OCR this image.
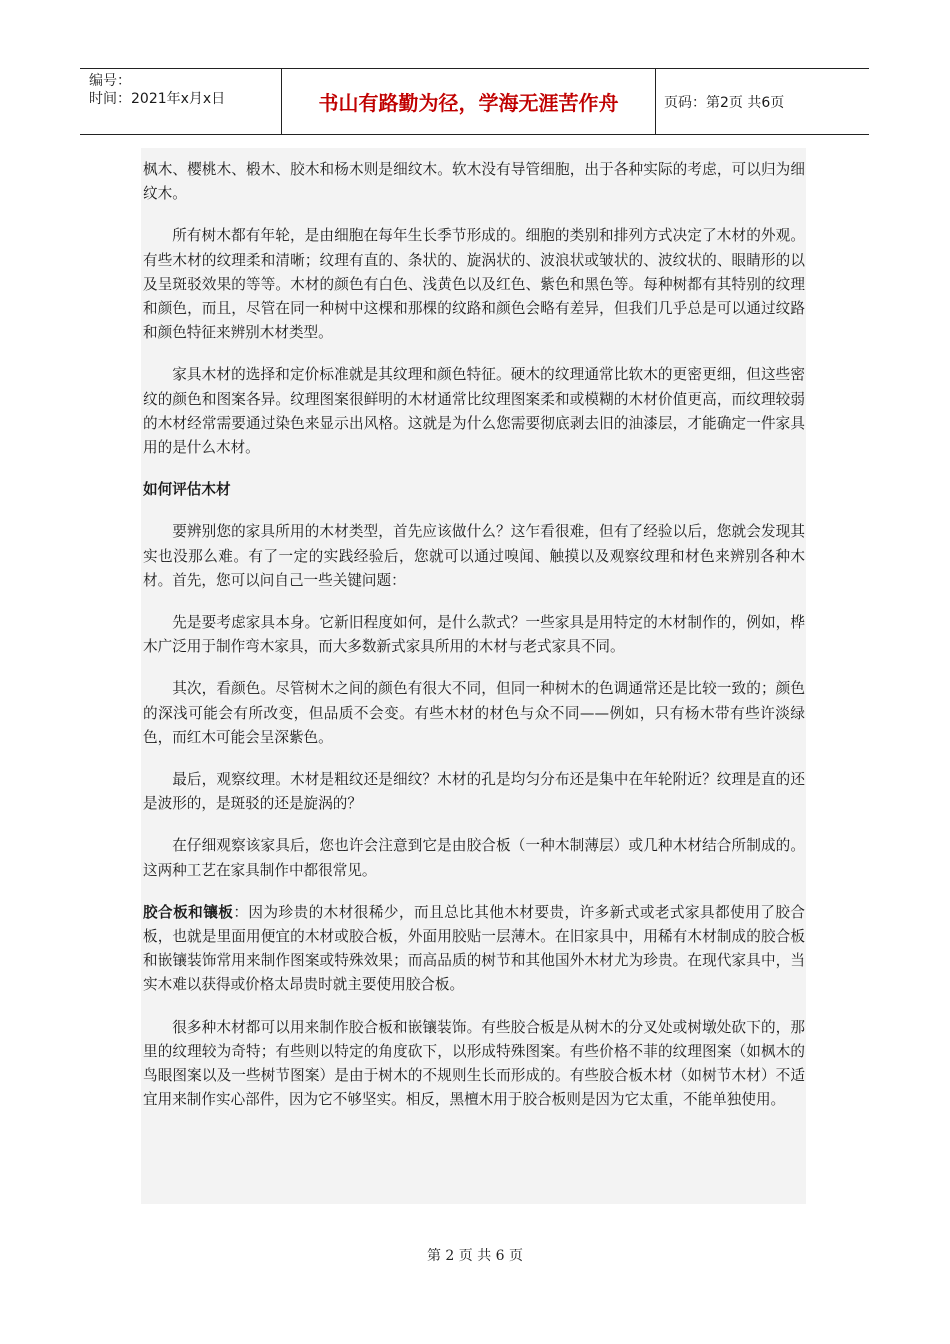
编号：
时间：2021年x月x日	书山有路勤为径，学海无涯苦作舟	页码：第2页 共6页

枫木、樱桃木、椴木、胶木和杨木则是细纹木。软木没有导管细胞，出于各种实际的考虑，可以归为细纹木。

所有树木都有年轮，是由细胞在每年生长季节形成的。细胞的类别和排列方式决定了木材的外观。有些木材的纹理柔和清晰；纹理有直的、条状的、旋涡状的、波浪状或皱状的、波纹状的、眼睛形的以及呈斑驳效果的等等。木材的颜色有白色、浅黄色以及红色、紫色和黑色等。每种树都有其特别的纹理和颜色，而且，尽管在同一种树中这棵和那棵的纹路和颜色会略有差异，但我们几乎总是可以通过纹路和颜色特征来辨别木材类型。

家具木材的选择和定价标准就是其纹理和颜色特征。硬木的纹理通常比软木的更密更细，但这些密纹的颜色和图案各异。纹理图案很鲜明的木材通常比纹理图案柔和或模糊的木材价值更高，而纹理较弱的木材经常需要通过染色来显示出风格。这就是为什么您需要彻底剥去旧的油漆层，才能确定一件家具用的是什么木材。

如何评估木材

要辨别您的家具所用的木材类型，首先应该做什么？这乍看很难，但有了经验以后，您就会发现其实也没那么难。有了一定的实践经验后，您就可以通过嗅闻、触摸以及观察纹理和材色来辨别各种木材。首先，您可以问自己一些关键问题：

先是要考虑家具本身。它新旧程度如何，是什么款式？一些家具是用特定的木材制作的，例如，桦木广泛用于制作弯木家具，而大多数新式家具所用的木材与老式家具不同。

其次，看颜色。尽管树木之间的颜色有很大不同，但同一种树木的色调通常还是比较一致的；颜色的深浅可能会有所改变，但品质不会变。有些木材的材色与众不同——例如，只有杨木带有些许淡绿色，而红木可能会呈深紫色。

最后，观察纹理。木材是粗纹还是细纹？木材的孔是均匀分布还是集中在年轮附近？纹理是直的还是波形的，是斑驳的还是旋涡的？

在仔细观察该家具后，您也许会注意到它是由胶合板（一种木制薄层）或几种木材结合所制成的。这两种工艺在家具制作中都很常见。

胶合板和镶板：因为珍贵的木材很稀少，而且总比其他木材要贵，许多新式或老式家具都使用了胶合板，也就是里面用便宜的木材或胶合板，外面用胶贴一层薄木。在旧家具中，用稀有木材制成的胶合板和嵌镶装饰常用来制作图案或特殊效果；而高品质的树节和其他国外木材尤为珍贵。在现代家具中，当实木难以获得或价格太昂贵时就主要使用胶合板。

很多种木材都可以用来制作胶合板和嵌镶装饰。有些胶合板是从树木的分叉处或树墩处砍下的，那里的纹理较为奇特；有些则以特定的角度砍下，以形成特殊图案。有些价格不菲的纹理图案（如枫木的鸟眼图案以及一些树节图案）是由于树木的不规则生长而形成的。有些胶合板木材（如树节木材）不适宜用来制作实心部件，因为它不够坚实。相反，黑檀木用于胶合板则是因为它太重，不能单独使用。

第 2 页 共 6 页
